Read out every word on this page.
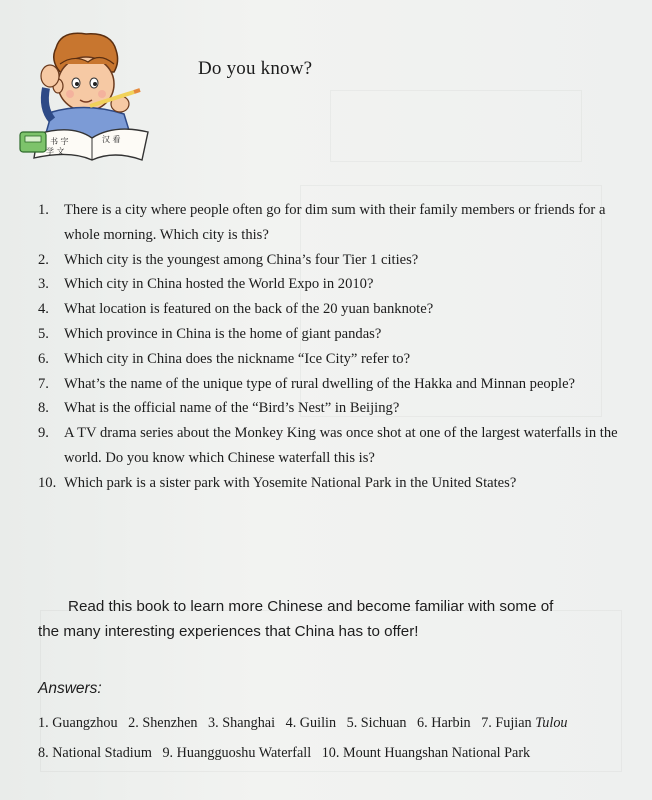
书 字
学 文
汉 看
Do you know?
1. There is a city where people often go for dim sum with their family members or friends for a whole morning. Which city is this?
2. Which city is the youngest among China’s four Tier 1 cities?
3. Which city in China hosted the World Expo in 2010?
4. What location is featured on the back of the 20 yuan banknote?
5. Which province in China is the home of giant pandas?
6. Which city in China does the nickname “Ice City” refer to?
7. What’s the name of the unique type of rural dwelling of the Hakka and Minnan people?
8. What is the official name of the “Bird’s Nest” in Beijing?
9. A TV drama series about the Monkey King was once shot at one of the largest waterfalls in the world. Do you know which Chinese waterfall this is?
10. Which park is a sister park with Yosemite National Park in the United States?
Read this book to learn more Chinese and become familiar with some of
the many interesting experiences that China has to offer!
Answers:
1. Guangzhou 2. Shenzhen 3. Shanghai 4. Guilin 5. Sichuan 6. Harbin 7. Fujian Tulou
8. National Stadium 9. Huangguoshu Waterfall 10. Mount Huangshan National Park
